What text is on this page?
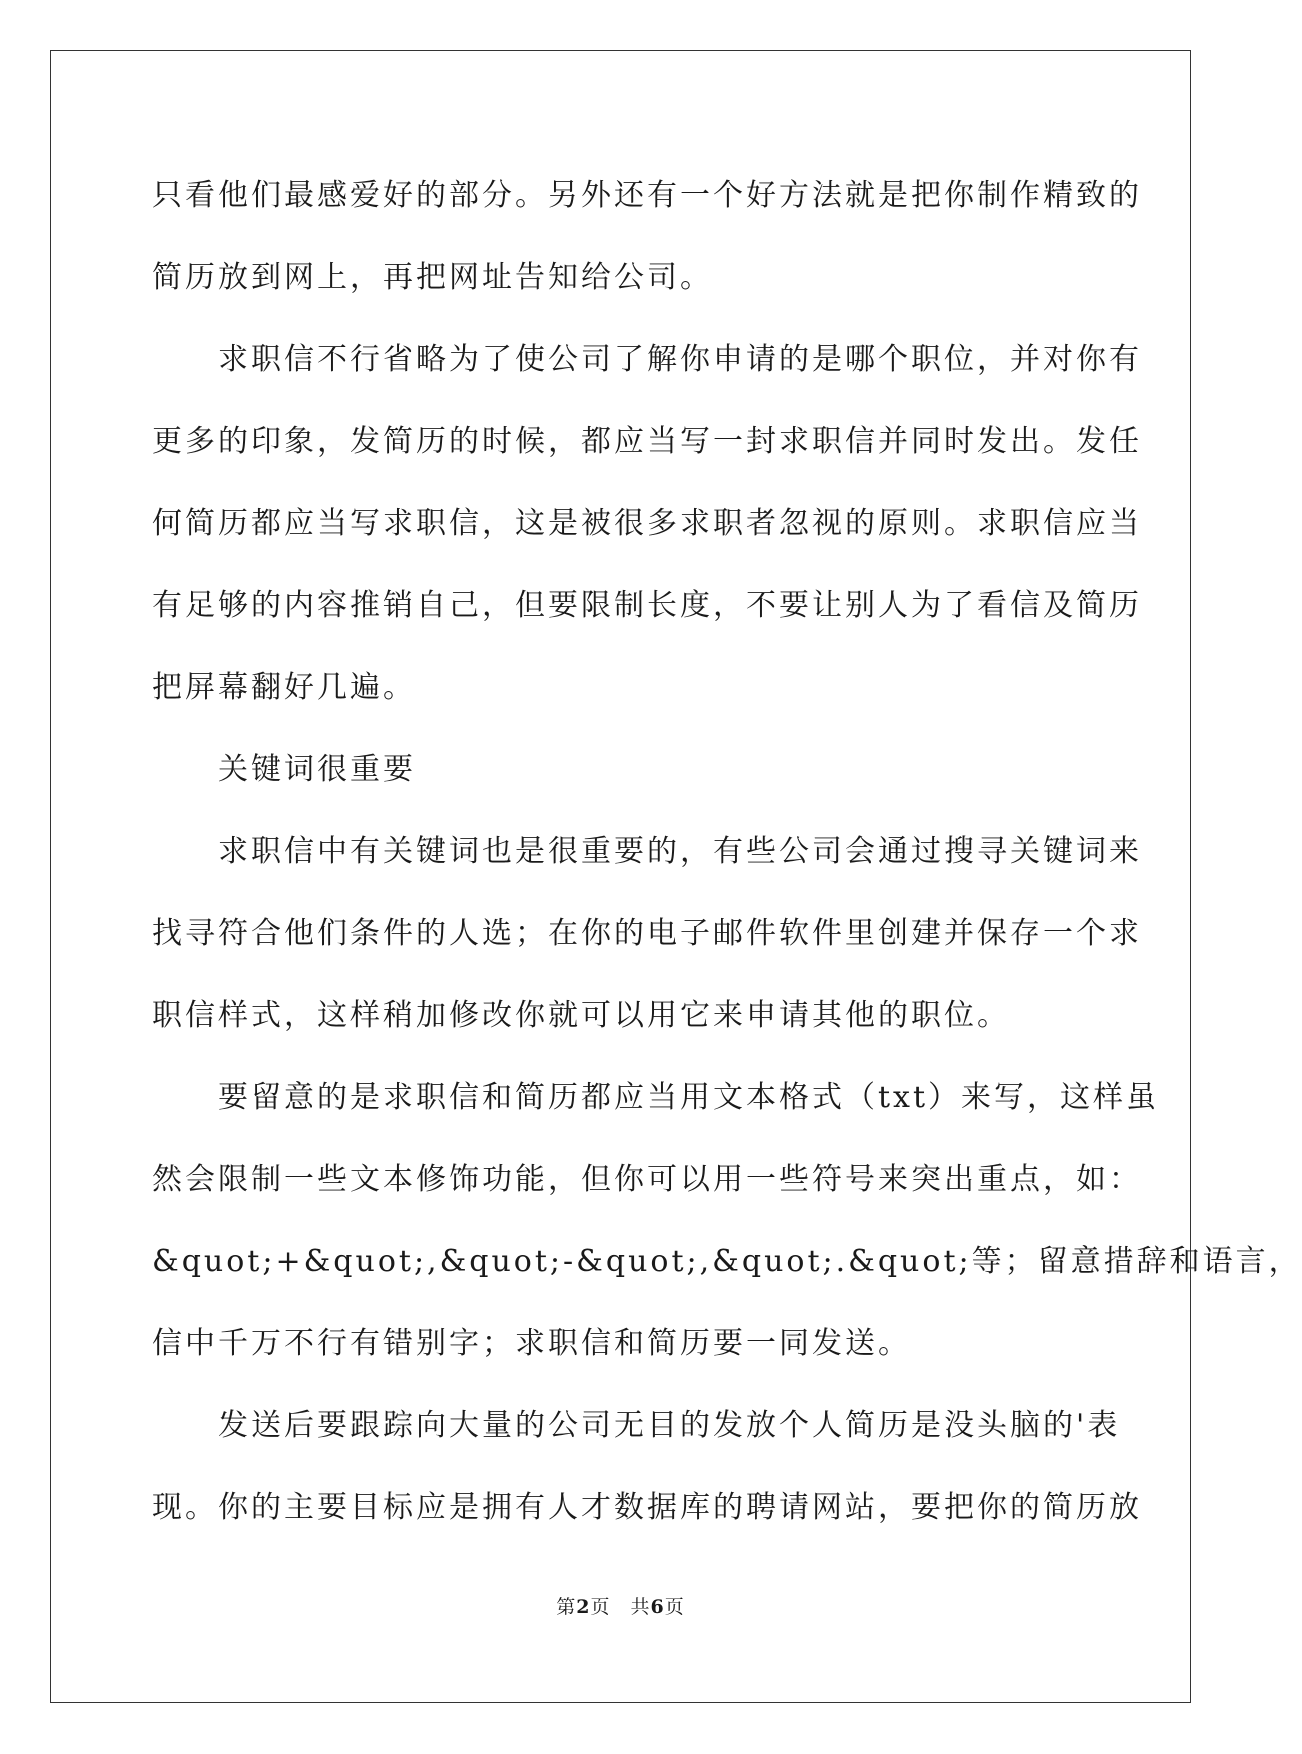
只看他们最感爱好的部分。另外还有一个好方法就是把你制作精致的
简历放到网上，再把网址告知给公司。
求职信不行省略为了使公司了解你申请的是哪个职位，并对你有
更多的印象，发简历的时候，都应当写一封求职信并同时发出。发任
何简历都应当写求职信，这是被很多求职者忽视的原则。求职信应当
有足够的内容推销自己，但要限制长度，不要让别人为了看信及简历
把屏幕翻好几遍。
关键词很重要
求职信中有关键词也是很重要的，有些公司会通过搜寻关键词来
找寻符合他们条件的人选；在你的电子邮件软件里创建并保存一个求
职信样式，这样稍加修改你就可以用它来申请其他的职位。
要留意的是求职信和简历都应当用文本格式（txt）来写，这样虽
然会限制一些文本修饰功能，但你可以用一些符号来突出重点，如：
&quot;+&quot;,&quot;-&quot;,&quot;.&quot;等；留意措辞和语言，
信中千万不行有错别字；求职信和简历要一同发送。
发送后要跟踪向大量的公司无目的发放个人简历是没头脑的'表
现。你的主要目标应是拥有人才数据库的聘请网站，要把你的简历放
第2页　共6页
